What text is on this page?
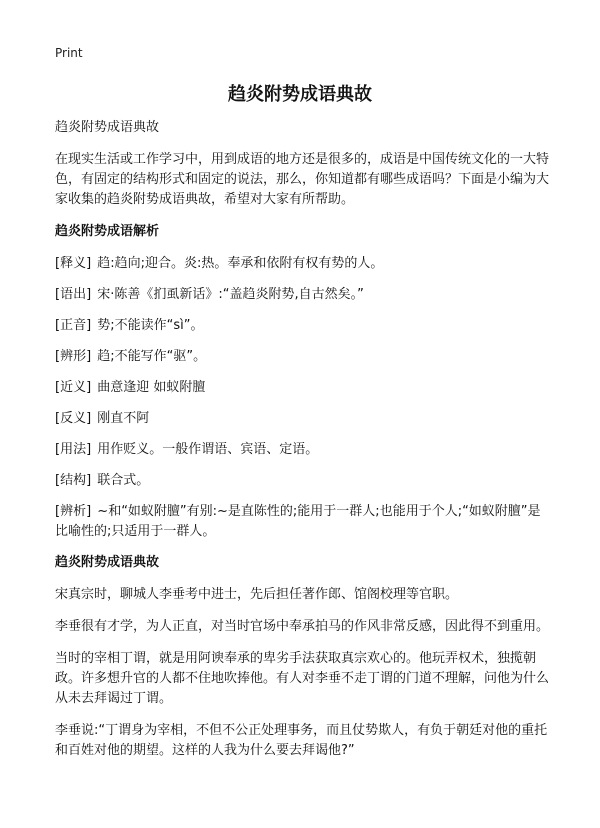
Print
趋炎附势成语典故

趋炎附势成语典故

在现实生活或工作学习中，用到成语的地方还是很多的，成语是中国传统文化的一大特色，有固定的结构形式和固定的说法，那么，你知道都有哪些成语吗？下面是小编为大家收集的趋炎附势成语典故，希望对大家有所帮助。

趋炎附势成语解析
[释义] 趋:趋向;迎合。炎:热。奉承和依附有权有势的人。
[语出] 宋·陈善《扪虱新话》:“盖趋炎附势,自古然矣。”
[正音] 势;不能读作“sì”。
[辨形] 趋;不能写作“驱”。
[近义] 曲意逢迎 如蚁附膻
[反义] 刚直不阿
[用法] 用作贬义。一般作谓语、宾语、定语。
[结构] 联合式。
[辨析] ~和“如蚁附膻”有别:~是直陈性的;能用于一群人;也能用于个人;“如蚁附膻”是比喻性的;只适用于一群人。
趋炎附势成语典故

宋真宗时，聊城人李垂考中进士，先后担任著作郎、馆阁校理等官职。

李垂很有才学，为人正直，对当时官场中奉承拍马的作风非常反感，因此得不到重用。

当时的宰相丁谓，就是用阿谀奉承的卑劣手法获取真宗欢心的。他玩弄权术，独揽朝政。许多想升官的人都不住地吹捧他。有人对李垂不走丁谓的门道不理解，问他为什么从未去拜谒过丁谓。

李垂说:“丁谓身为宰相，不但不公正处理事务，而且仗势欺人，有负于朝廷对他的重托和百姓对他的期望。这样的人我为什么要去拜谒他?”
